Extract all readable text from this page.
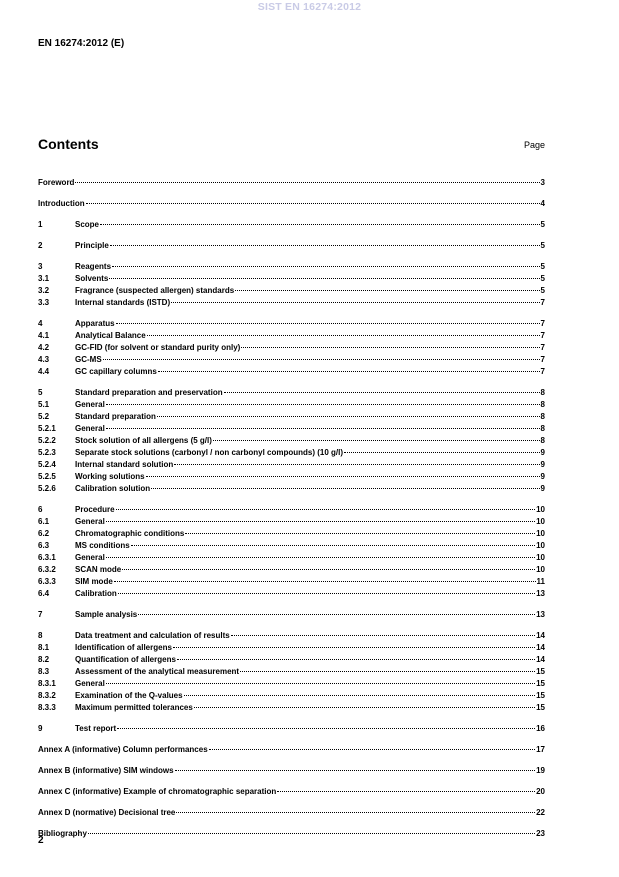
SIST EN 16274:2012
EN 16274:2012 (E)
Contents	Page
Foreword	3
Introduction	4
1	Scope	5
2	Principle	5
3	Reagents	5
3.1	Solvents	5
3.2	Fragrance (suspected allergen) standards	5
3.3	Internal standards (ISTD)	7
4	Apparatus	7
4.1	Analytical Balance	7
4.2	GC-FID (for solvent or standard purity only)	7
4.3	GC-MS	7
4.4	GC capillary columns	7
5	Standard preparation and preservation	8
5.1	General	8
5.2	Standard preparation	8
5.2.1	General	8
5.2.2	Stock solution of all allergens (5 g/l)	8
5.2.3	Separate stock solutions (carbonyl / non carbonyl compounds) (10 g/l)	9
5.2.4	Internal standard solution	9
5.2.5	Working solutions	9
5.2.6	Calibration solution	9
6	Procedure	10
6.1	General	10
6.2	Chromatographic conditions	10
6.3	MS conditions	10
6.3.1	General	10
6.3.2	SCAN mode	10
6.3.3	SIM mode	11
6.4	Calibration	13
7	Sample analysis	13
8	Data treatment and calculation of results	14
8.1	Identification of allergens	14
8.2	Quantification of allergens	14
8.3	Assessment of the analytical measurement	15
8.3.1	General	15
8.3.2	Examination of the Q-values	15
8.3.3	Maximum permitted tolerances	15
9	Test report	16
Annex A (informative) Column performances	17
Annex B (informative) SIM windows	19
Annex C (informative) Example of chromatographic separation	20
Annex D (normative) Decisional tree	22
Bibliography	23
2
